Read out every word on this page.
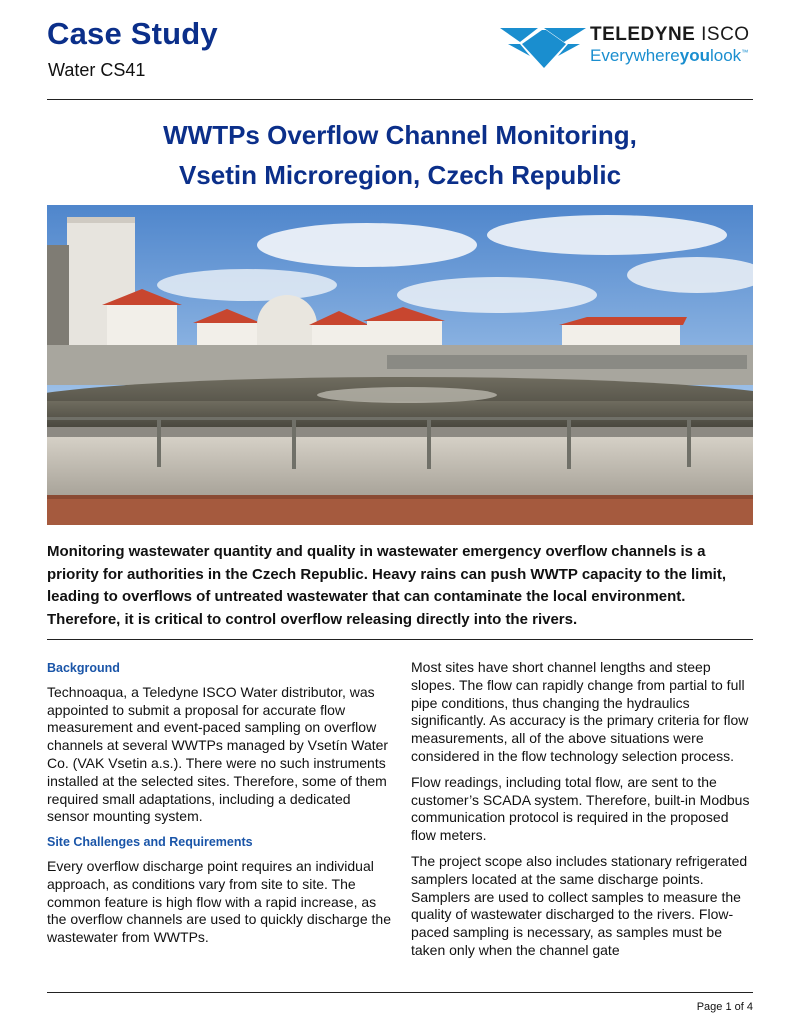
Case Study
Water CS41
TELEDYNE ISCO
Everywhereyoulook™
WWTPs Overflow Channel Monitoring,
Vsetin Microregion, Czech Republic
Monitoring wastewater quantity and quality in wastewater emergency overflow channels is a priority for authorities in the Czech Republic. Heavy rains can push WWTP capacity to the limit, leading to overflows of untreated wastewater that can contaminate the local environment. Therefore, it is critical to control overflow releasing directly into the rivers.
Background

Technoaqua, a Teledyne ISCO Water distributor, was appointed to submit a proposal for accurate flow measurement and event-paced sampling on overflow channels at several WWTPs managed by Vsetín Water Co. (VAK Vsetin a.s.). There were no such instruments installed at the selected sites. Therefore, some of them required small adaptations, including a dedicated sensor mounting system.

Site Challenges and Requirements

Every overflow discharge point requires an individual approach, as conditions vary from site to site. The common feature is high flow with a rapid increase, as the overflow channels are used to quickly discharge the wastewater from WWTPs.

Most sites have short channel lengths and steep slopes. The flow can rapidly change from partial to full pipe conditions, thus changing the hydraulics significantly. As accuracy is the primary criteria for flow measurements, all of the above situations were considered in the flow technology selection process.

Flow readings, including total flow, are sent to the customer’s SCADA system. Therefore, built-in Modbus communication protocol is required in the proposed flow meters.

The project scope also includes stationary refrigerated samplers located at the same discharge points. Samplers are used to collect samples to measure the quality of wastewater discharged to the rivers. Flow-paced sampling is necessary, as samples must be taken only when the channel gate

Page 1 of 4
